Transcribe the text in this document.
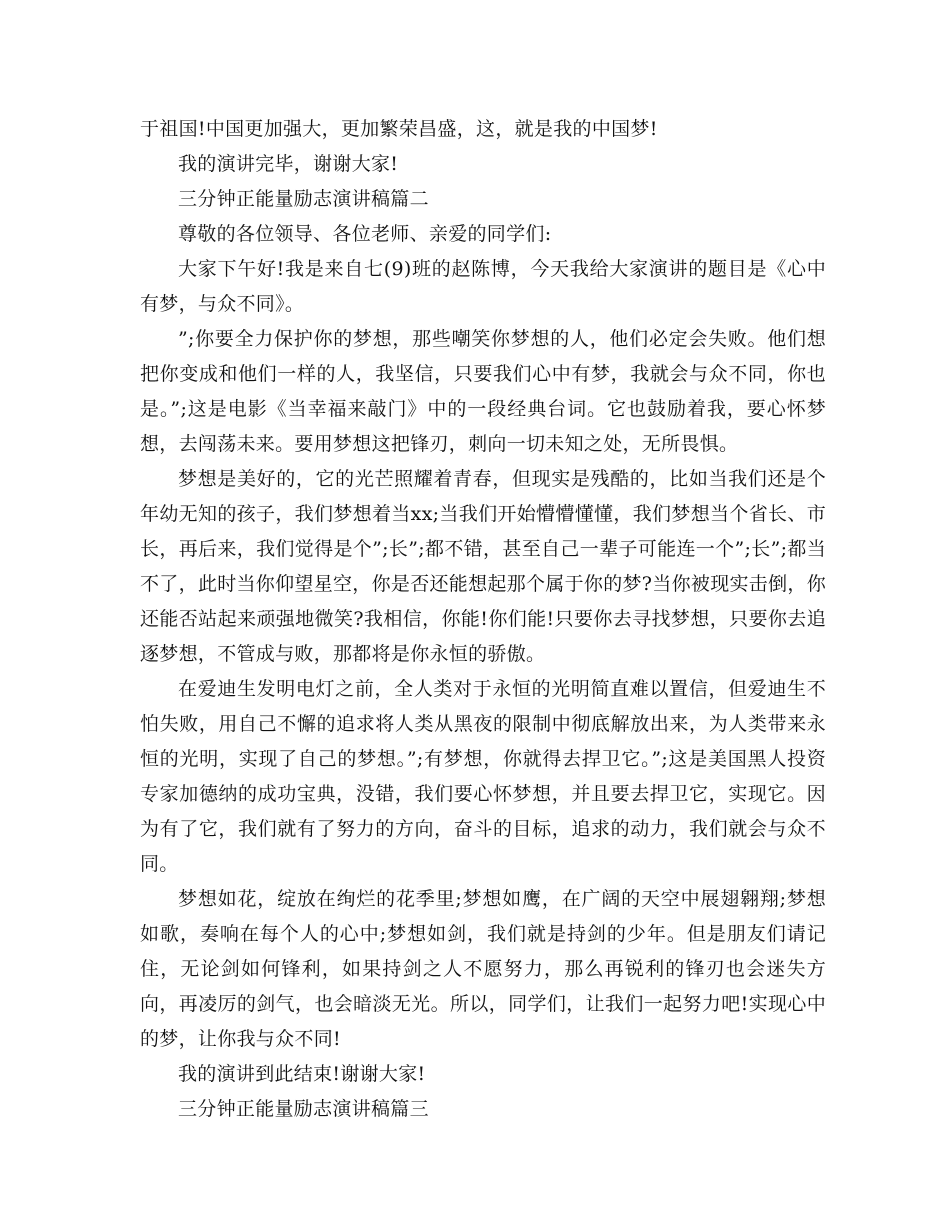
于祖国!中国更加强大，更加繁荣昌盛，这，就是我的中国梦!

我的演讲完毕，谢谢大家!

三分钟正能量励志演讲稿篇二

尊敬的各位领导、各位老师、亲爱的同学们:

大家下午好!我是来自七(9)班的赵陈博，今天我给大家演讲的题目是《心中有梦，与众不同》。

”;你要全力保护你的梦想，那些嘲笑你梦想的人，他们必定会失败。他们想把你变成和他们一样的人，我坚信，只要我们心中有梦，我就会与众不同，你也是。”;这是电影《当幸福来敲门》中的一段经典台词。它也鼓励着我，要心怀梦想，去闯荡未来。要用梦想这把锋刃，刺向一切未知之处，无所畏惧。

梦想是美好的，它的光芒照耀着青春，但现实是残酷的，比如当我们还是个年幼无知的孩子，我们梦想着当xx;当我们开始懵懵懂懂，我们梦想当个省长、市长，再后来，我们觉得是个”;长”;都不错，甚至自己一辈子可能连一个”;长”;都当不了，此时当你仰望星空，你是否还能想起那个属于你的梦?当你被现实击倒，你还能否站起来顽强地微笑?我相信，你能!你们能!只要你去寻找梦想，只要你去追逐梦想，不管成与败，那都将是你永恒的骄傲。

在爱迪生发明电灯之前，全人类对于永恒的光明简直难以置信，但爱迪生不怕失败，用自己不懈的追求将人类从黑夜的限制中彻底解放出来，为人类带来永恒的光明，实现了自己的梦想。”;有梦想，你就得去捍卫它。”;这是美国黑人投资专家加德纳的成功宝典，没错，我们要心怀梦想，并且要去捍卫它，实现它。因为有了它，我们就有了努力的方向，奋斗的目标，追求的动力，我们就会与众不同。

梦想如花，绽放在绚烂的花季里;梦想如鹰，在广阔的天空中展翅翱翔;梦想如歌，奏响在每个人的心中;梦想如剑，我们就是持剑的少年。但是朋友们请记住，无论剑如何锋利，如果持剑之人不愿努力，那么再锐利的锋刃也会迷失方向，再凌厉的剑气，也会暗淡无光。所以，同学们，让我们一起努力吧!实现心中的梦，让你我与众不同!

我的演讲到此结束!谢谢大家!

三分钟正能量励志演讲稿篇三
